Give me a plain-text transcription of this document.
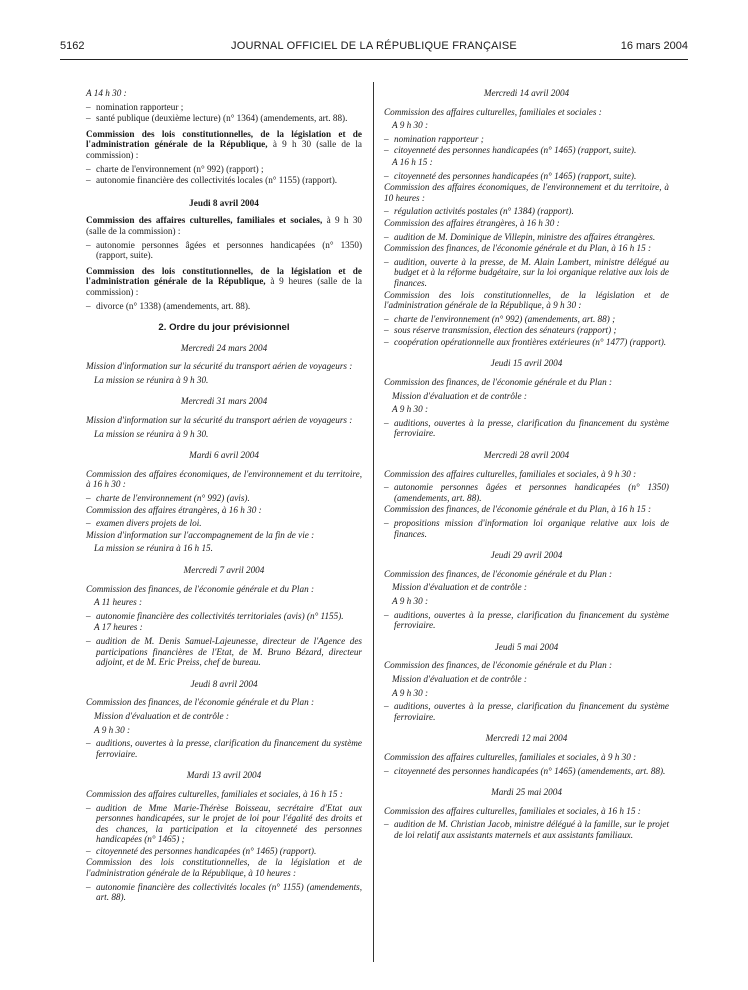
5162	JOURNAL OFFICIEL DE LA RÉPUBLIQUE FRANÇAISE	16 mars 2004

A 14 h 30 :

– nomination rapporteur ;

– santé publique (deuxième lecture) (n° 1364) (amendements, art. 88).

Commission des lois constitutionnelles, de la législation et de l'administration générale de la République, à 9 h 30 (salle de la commission) :

– charte de l'environnement (n° 992) (rapport) ;

– autonomie financière des collectivités locales (n° 1155) (rapport).

Jeudi 8 avril 2004

Commission des affaires culturelles, familiales et sociales, à 9 h 30 (salle de la commission) :

– autonomie personnes âgées et personnes handicapées (n° 1350) (rapport, suite).

Commission des lois constitutionnelles, de la législation et de l'administration générale de la République, à 9 heures (salle de la commission) :

– divorce (n° 1338) (amendements, art. 88).

2. Ordre du jour prévisionnel
Mercredi 24 mars 2004

Mission d'information sur la sécurité du transport aérien de voyageurs :

La mission se réunira à 9 h 30.

Mercredi 31 mars 2004

Mission d'information sur la sécurité du transport aérien de voyageurs :

La mission se réunira à 9 h 30.

Mardi 6 avril 2004

Commission des affaires économiques, de l'environnement et du territoire, à 16 h 30 :

– charte de l'environnement (n° 992) (avis).

Commission des affaires étrangères, à 16 h 30 :

– examen divers projets de loi.

Mission d'information sur l'accompagnement de la fin de vie :

La mission se réunira à 16 h 15.

Mercredi 7 avril 2004

Commission des finances, de l'économie générale et du Plan :

A 11 heures :

– autonomie financière des collectivités territoriales (avis) (n° 1155).

A 17 heures :

– audition de M. Denis Samuel-Lajeunesse, directeur de l'Agence des participations financières de l'Etat, de M. Bruno Bézard, directeur adjoint, et de M. Eric Preiss, chef de bureau.

Jeudi 8 avril 2004

Commission des finances, de l'économie générale et du Plan :

Mission d'évaluation et de contrôle :

A 9 h 30 :

– auditions, ouvertes à la presse, clarification du financement du système ferroviaire.

Mardi 13 avril 2004

Commission des affaires culturelles, familiales et sociales, à 16 h 15 :

– audition de Mme Marie-Thérèse Boisseau, secrétaire d'Etat aux personnes handicapées, sur le projet de loi pour l'égalité des droits et des chances, la participation et la citoyenneté des personnes handicapées (n° 1465) ;

– citoyenneté des personnes handicapées (n° 1465) (rapport).

Commission des lois constitutionnelles, de la législation et de l'administration générale de la République, à 10 heures :

– autonomie financière des collectivités locales (n° 1155) (amendements, art. 88).

Mercredi 14 avril 2004

Commission des affaires culturelles, familiales et sociales :

A 9 h 30 :

– nomination rapporteur ;

– citoyenneté des personnes handicapées (n° 1465) (rapport, suite).

A 16 h 15 :

– citoyenneté des personnes handicapées (n° 1465) (rapport, suite).

Commission des affaires économiques, de l'environnement et du territoire, à 10 heures :

– régulation activités postales (n° 1384) (rapport).

Commission des affaires étrangères, à 16 h 30 :

– audition de M. Dominique de Villepin, ministre des affaires étrangères.

Commission des finances, de l'économie générale et du Plan, à 16 h 15 :

– audition, ouverte à la presse, de M. Alain Lambert, ministre délégué au budget et à la réforme budgétaire, sur la loi organique relative aux lois de finances.

Commission des lois constitutionnelles, de la législation et de l'administration générale de la République, à 9 h 30 :

– charte de l'environnement (n° 992) (amendements, art. 88) ;

– sous réserve transmission, élection des sénateurs (rapport) ;

– coopération opérationnelle aux frontières extérieures (n° 1477) (rapport).

Jeudi 15 avril 2004

Commission des finances, de l'économie générale et du Plan :

Mission d'évaluation et de contrôle :

A 9 h 30 :

– auditions, ouvertes à la presse, clarification du financement du système ferroviaire.

Mercredi 28 avril 2004

Commission des affaires culturelles, familiales et sociales, à 9 h 30 :

– autonomie personnes âgées et personnes handicapées (n° 1350) (amendements, art. 88).

Commission des finances, de l'économie générale et du Plan, à 16 h 15 :

– propositions mission d'information loi organique relative aux lois de finances.

Jeudi 29 avril 2004

Commission des finances, de l'économie générale et du Plan :

Mission d'évaluation et de contrôle :

A 9 h 30 :

– auditions, ouvertes à la presse, clarification du financement du système ferroviaire.

Jeudi 5 mai 2004

Commission des finances, de l'économie générale et du Plan :

Mission d'évaluation et de contrôle :

A 9 h 30 :

– auditions, ouvertes à la presse, clarification du financement du système ferroviaire.

Mercredi 12 mai 2004

Commission des affaires culturelles, familiales et sociales, à 9 h 30 :

– citoyenneté des personnes handicapées (n° 1465) (amendements, art. 88).

Mardi 25 mai 2004

Commission des affaires culturelles, familiales et sociales, à 16 h 15 :

– audition de M. Christian Jacob, ministre délégué à la famille, sur le projet de loi relatif aux assistants maternels et aux assistants familiaux.
